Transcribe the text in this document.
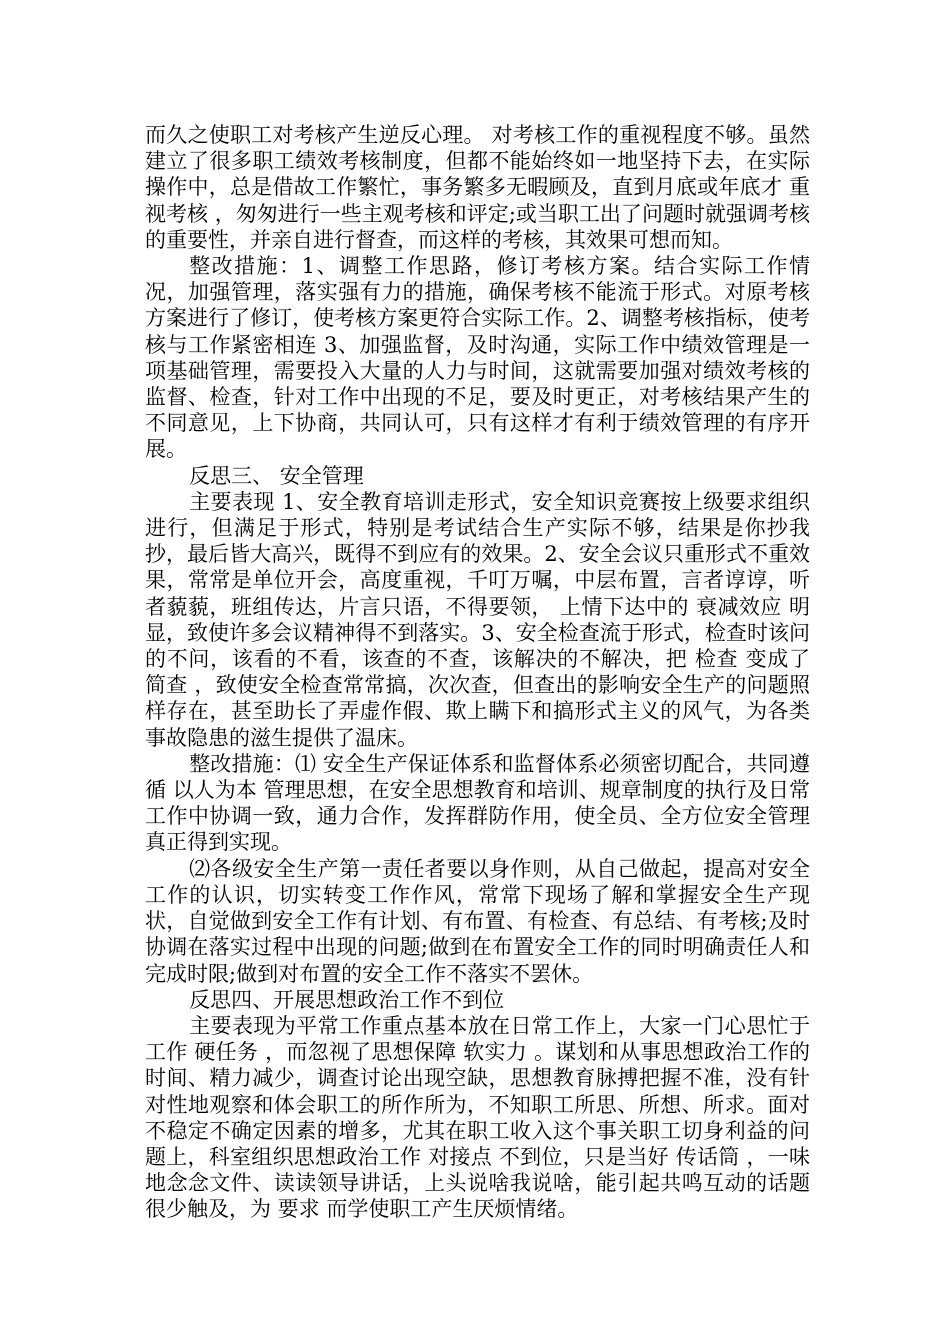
而久之使职工对考核产生逆反心理。 对考核工作的重视程度不够。虽然建立了很多职工绩效考核制度，但都不能始终如一地坚持下去，在实际操作中，总是借故工作繁忙，事务繁多无暇顾及，直到月底或年底才 重视考核 ，匆匆进行一些主观考核和评定;或当职工出了问题时就强调考核的重要性，并亲自进行督查，而这样的考核，其效果可想而知。

整改措施：1、调整工作思路，修订考核方案。结合实际工作情况，加强管理，落实强有力的措施，确保考核不能流于形式。对原考核方案进行了修订，使考核方案更符合实际工作。2、调整考核指标，使考核与工作紧密相连 3、加强监督，及时沟通，实际工作中绩效管理是一项基础管理，需要投入大量的人力与时间，这就需要加强对绩效考核的监督、检查，针对工作中出现的不足，要及时更正，对考核结果产生的不同意见，上下协商，共同认可，只有这样才有利于绩效管理的有序开展。

反思三、 安全管理

主要表现 1、安全教育培训走形式，安全知识竞赛按上级要求组织进行，但满足于形式，特别是考试结合生产实际不够，结果是你抄我抄，最后皆大高兴，既得不到应有的效果。2、安全会议只重形式不重效果，常常是单位开会，高度重视，千叮万嘱，中层布置，言者谆谆，听者藐藐，班组传达，片言只语，不得要领， 上情下达中的 衰减效应 明显，致使许多会议精神得不到落实。3、安全检查流于形式，检查时该问的不问，该看的不看，该查的不查，该解决的不解决，把 检查 变成了 简查 ，致使安全检查常常搞，次次查，但查出的影响安全生产的问题照样存在，甚至助长了弄虚作假、欺上瞒下和搞形式主义的风气，为各类事故隐患的滋生提供了温床。

整改措施：⑴ 安全生产保证体系和监督体系必须密切配合，共同遵循 以人为本 管理思想，在安全思想教育和培训、规章制度的执行及日常工作中协调一致，通力合作，发挥群防作用，使全员、全方位安全管理真正得到实现。

⑵各级安全生产第一责任者要以身作则，从自己做起，提高对安全工作的认识，切实转变工作作风，常常下现场了解和掌握安全生产现状，自觉做到安全工作有计划、有布置、有检查、有总结、有考核;及时协调在落实过程中出现的问题;做到在布置安全工作的同时明确责任人和完成时限;做到对布置的安全工作不落实不罢休。

反思四、开展思想政治工作不到位

主要表现为平常工作重点基本放在日常工作上，大家一门心思忙于工作 硬任务 ，而忽视了思想保障 软实力 。谋划和从事思想政治工作的时间、精力减少，调查讨论出现空缺，思想教育脉搏把握不准，没有针对性地观察和体会职工的所作所为，不知职工所思、所想、所求。面对不稳定不确定因素的增多，尤其在职工收入这个事关职工切身利益的问题上，科室组织思想政治工作 对接点 不到位，只是当好 传话筒 ，一味地念念文件、读读领导讲话，上头说啥我说啥，能引起共鸣互动的话题很少触及，为 要求 而学使职工产生厌烦情绪。
